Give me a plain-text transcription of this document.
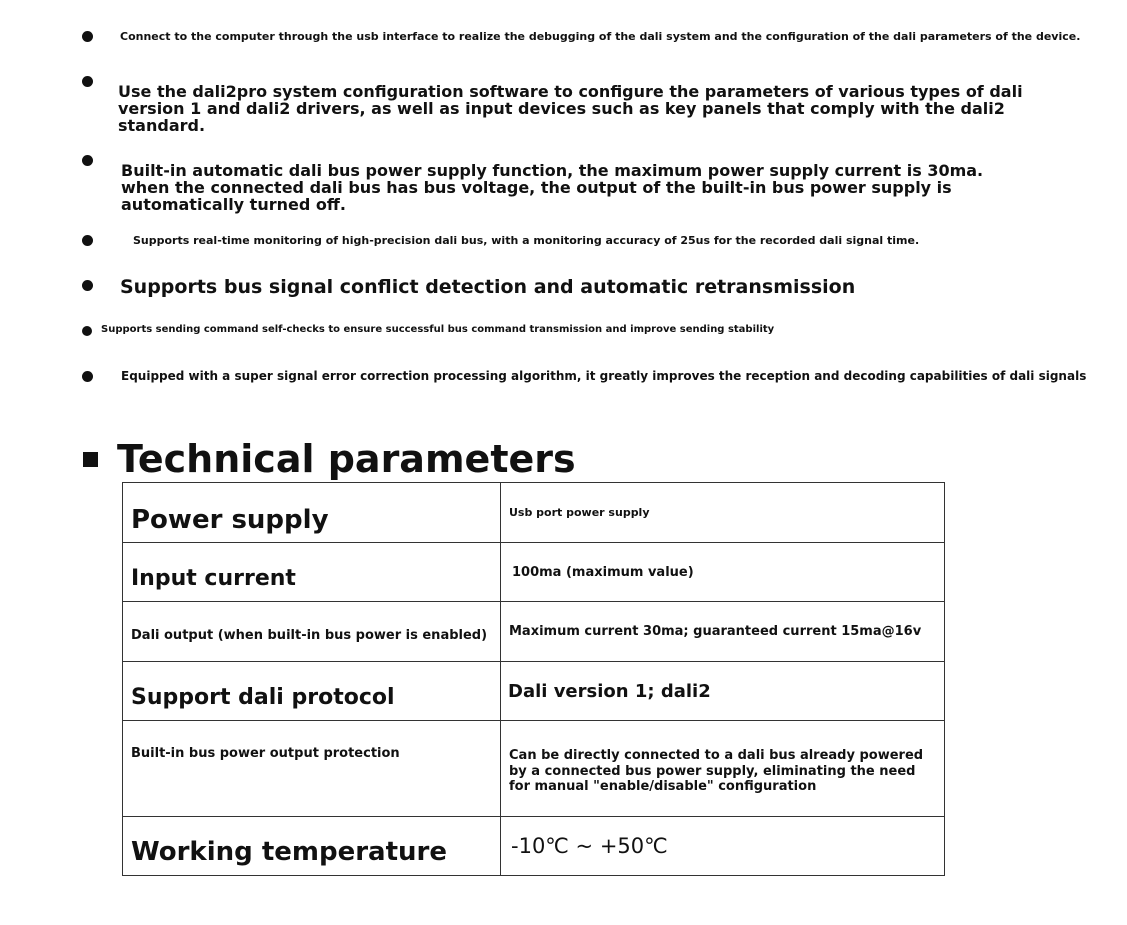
Connect to the computer through the usb interface to realize the debugging of the dali system and the configuration of the dali parameters of the device.
Use the dali2pro system configuration software to configure the parameters of various types of dali version 1 and dali2 drivers, as well as input devices such as key panels that comply with the dali2 standard.
Built-in automatic dali bus power supply function, the maximum power supply current is 30ma. when the connected dali bus has bus voltage, the output of the built-in bus power supply is automatically turned off.
Supports real-time monitoring of high-precision dali bus, with a monitoring accuracy of 25us for the recorded dali signal time.
Supports bus signal conflict detection and automatic retransmission
Supports sending command self-checks to ensure successful bus command transmission and improve sending stability
Equipped with a super signal error correction processing algorithm, it greatly improves the reception and decoding capabilities of dali signals
Technical parameters
Power supply	Usb port power supply
Input current	100ma (maximum value)
Dali output (when built-in bus power is enabled)	Maximum current 30ma; guaranteed current 15ma@16v
Support dali protocol	Dali version 1; dali2
Built-in bus power output protection	Can be directly connected to a dali bus already powered by a connected bus power supply, eliminating the need for manual "enable/disable" configuration
Working temperature	-10℃ ~ +50℃
